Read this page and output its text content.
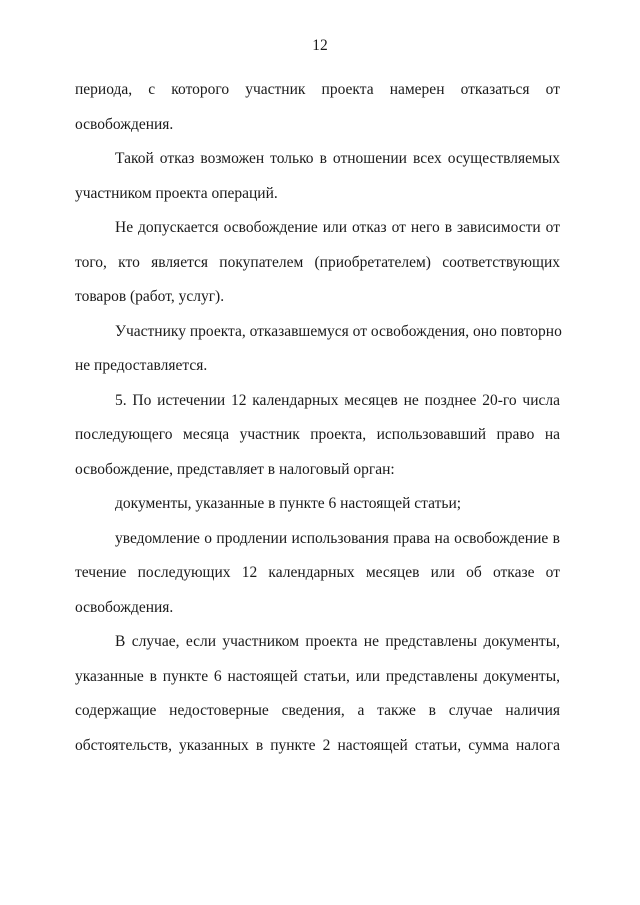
12
периода, с которого участник проекта намерен отказаться от
освобождения.
Такой отказ возможен только в отношении всех осуществляемых
участником проекта операций.
Не допускается освобождение или отказ от него в зависимости от
того, кто является покупателем (приобретателем) соответствующих
товаров (работ, услуг).
Участнику проекта, отказавшемуся от освобождения, оно повторно
не предоставляется.
5. По истечении 12 календарных месяцев не позднее 20-го числа
последующего месяца участник проекта, использовавший право на
освобождение, представляет в налоговый орган:
документы, указанные в пункте 6 настоящей статьи;
уведомление о продлении использования права на освобождение в
течение последующих 12 календарных месяцев или об отказе от
освобождения.
В случае, если участником проекта не представлены документы,
указанные в пункте 6 настоящей статьи, или представлены документы,
содержащие недостоверные сведения, а также в случае наличия
обстоятельств, указанных в пункте 2 настоящей статьи, сумма налога
